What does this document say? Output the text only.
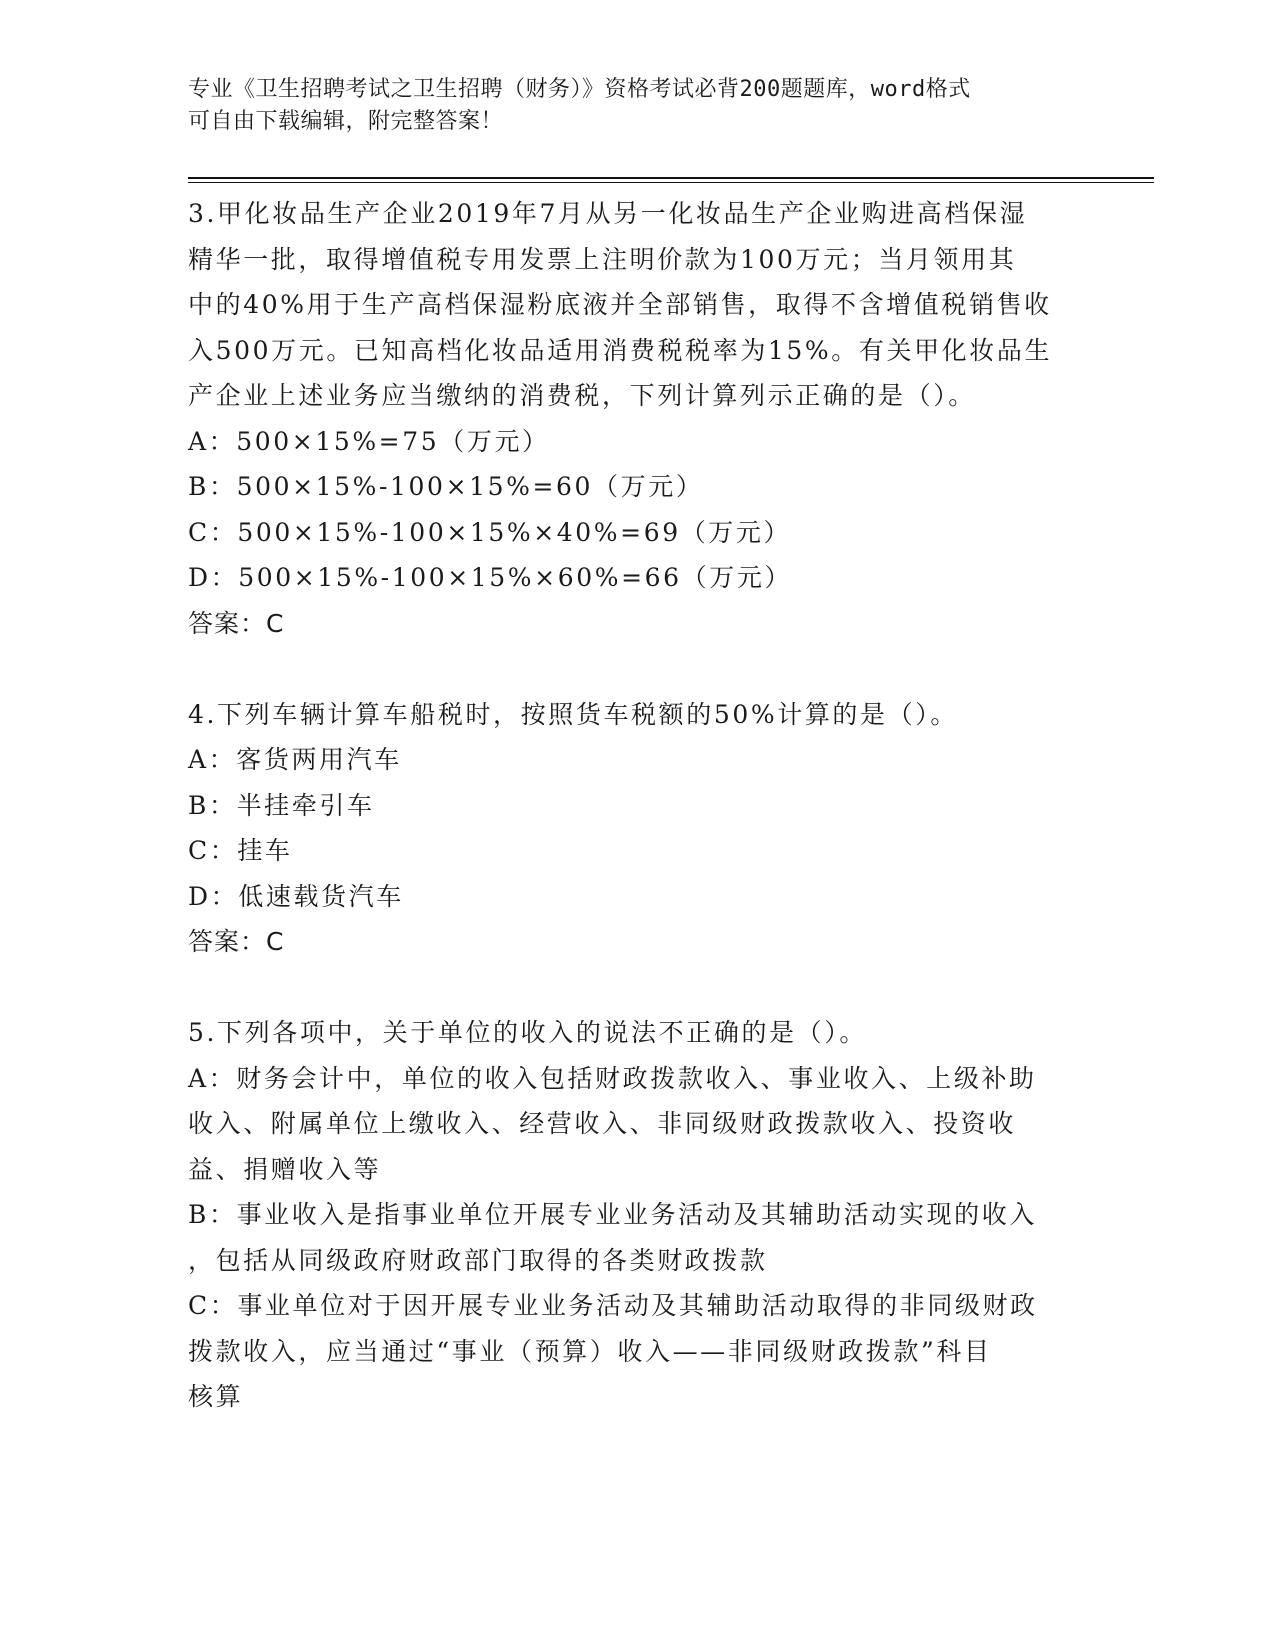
专业《卫生招聘考试之卫生招聘（财务）》资格考试必背200题题库，word格式
可自由下载编辑，附完整答案！
3.甲化妆品生产企业2019年7月从另一化妆品生产企业购进高档保湿
精华一批，取得增值税专用发票上注明价款为100万元；当月领用其
中的40%用于生产高档保湿粉底液并全部销售，取得不含增值税销售收
入500万元。已知高档化妆品适用消费税税率为15%。有关甲化妆品生
产企业上述业务应当缴纳的消费税，下列计算列示正确的是（）。
A：500×15%=75（万元）
B：500×15%-100×15%=60（万元）
C：500×15%-100×15%×40%=69（万元）
D：500×15%-100×15%×60%=66（万元）
答案：C
4.下列车辆计算车船税时，按照货车税额的50%计算的是（）。
A：客货两用汽车
B：半挂牵引车
C：挂车
D：低速载货汽车
答案：C
5.下列各项中，关于单位的收入的说法不正确的是（）。
A：财务会计中，单位的收入包括财政拨款收入、事业收入、上级补助
收入、附属单位上缴收入、经营收入、非同级财政拨款收入、投资收
益、捐赠收入等
B：事业收入是指事业单位开展专业业务活动及其辅助活动实现的收入
，包括从同级政府财政部门取得的各类财政拨款
C：事业单位对于因开展专业业务活动及其辅助活动取得的非同级财政
拨款收入，应当通过“事业（预算）收入——非同级财政拨款”科目
核算
